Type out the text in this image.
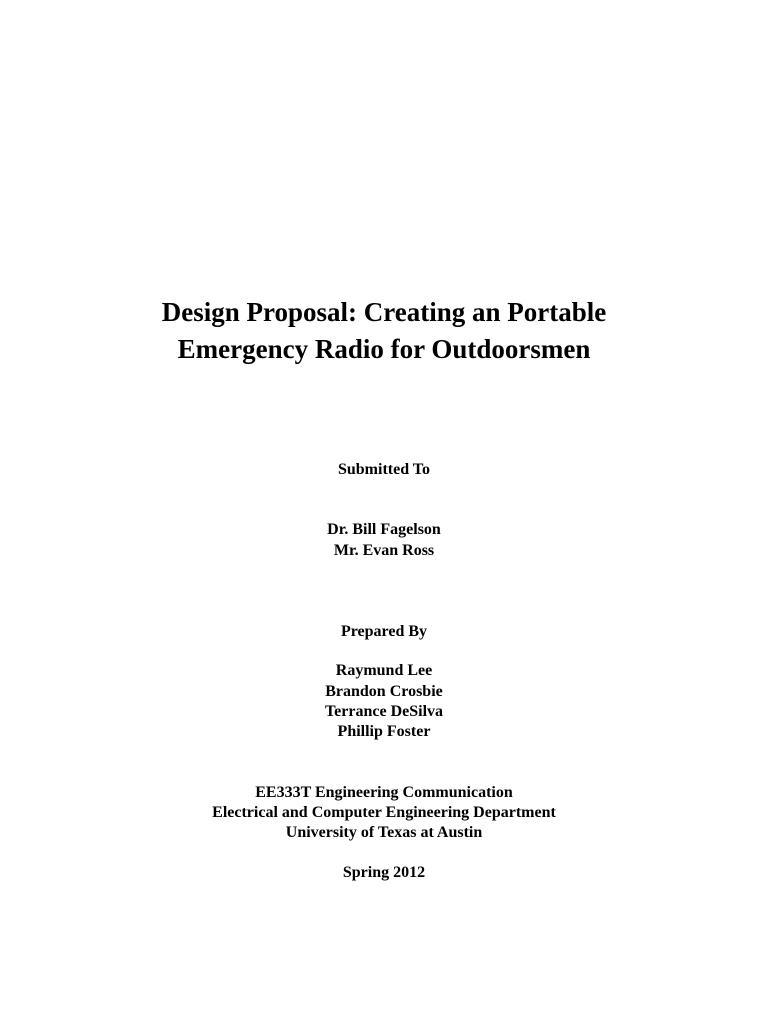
Design Proposal: Creating an Portable
Emergency Radio for Outdoorsmen

Submitted To

Dr. Bill Fagelson

Mr. Evan Ross

Prepared By

Raymund Lee

Brandon Crosbie

Terrance DeSilva

Phillip Foster

EE333T Engineering Communication

Electrical and Computer Engineering Department

University of Texas at Austin

Spring 2012
